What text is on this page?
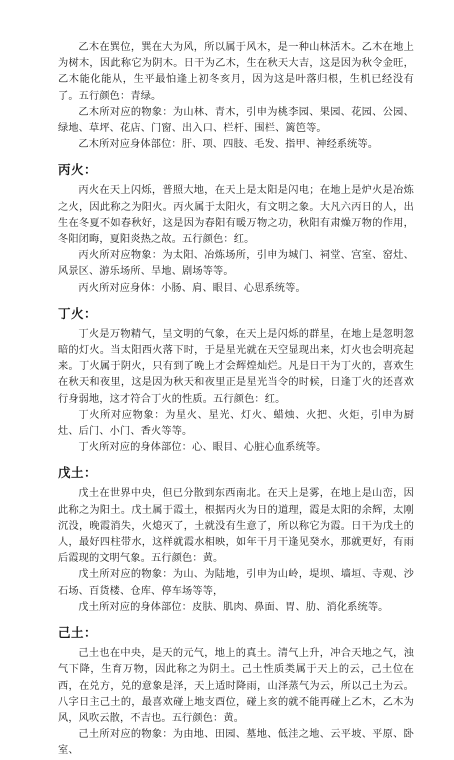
乙木在巽位，巽在大为风，所以属于风木，是一种山林活木。乙木在地上为树木，因此称它为阴木。日干为乙木，生在秋天大吉，这是因为秋令金旺，乙木能化能从，生平最怕逢上初冬亥月，因为这是叶落归根，生机已经没有了。五行颜色：青绿。

乙木所对应的物象：为山林、青木，引申为桃李园、果园、花园、公园、绿地、草坪、花店、门窗、出入口、栏杆、围栏、篱笆等。

乙木所对应身体部位：肝、项、四肢、毛发、指甲、神经系统等。

丙火：

丙火在天上闪烁，普照大地，在天上是太阳是闪电；在地上是炉火是冶炼之火，因此称之为阳火。丙火属于太阳火，有文明之象。大凡六丙日的人，出生在冬夏不如春秋好，这是因为春阳有暖万物之功，秋阳有肃燥万物的作用，冬阳闭晦，夏阳炎热之故。五行颜色：红。

丙火所对应物象：为太阳、冶炼场所，引申为城门、祠堂、宫室、窑灶、风景区、游乐场所、旱地、剧场等等。

丙火所对应身体：小肠、肩、眼目、心思系统等。

丁火：

丁火是万物精气，呈文明的气象，在天上是闪烁的群星，在地上是忽明忽暗的灯火。当太阳西火落下时，于是星光就在天空显现出来，灯火也会明亮起来。丁火属于阴火，只有到了晚上才会辉煌灿烂。凡是日干为丁火的，喜欢生在秋天和夜里，这是因为秋天和夜里正是星光当令的时候，日逢丁火的还喜欢行身弱地，这才符合丁火的性质。五行颜色：红。

丁火所对应物象：为星火、星光、灯火、蜡烛、火把、火炬，引申为厨灶、后门、小门、香火等等。

丁火所对应的身体部位：心、眼目、心脏心血系统等。

戊土：

戊土在世界中央，但已分散到东西南北。在天上是雾，在地上是山峦，因此称之为阳土。戊土属于霞土，根据丙火为日的道理，霞是太阳的余辉，太刚沉没，晚霞消失，火熄灭了，土就没有生意了，所以称它为霞。日干为戊土的人，最好四柱带水，这样就霞水相映，如年干月干逢见癸水，那就更好，有雨后霞现的文明气象。五行颜色：黄。

戊土所对应的物象：为山、为陆地，引申为山岭，堤坝、墙垣、寺观、沙石场、百货楼、仓库、停车场等等，

戊土所对应的身体部位：皮肤、肌肉、鼻面、胃、肋、消化系统等。

己土：

己土也在中央，是天的元气，地上的真土。清气上升，冲合天地之气，浊气下降，生育万物，因此称之为阴土。己土性质类属于天上的云，己土位在西，在兑方，兑的意象是泽，天上适时降雨，山泽蒸气为云，所以己土为云。八字日主己土的，最喜欢碰上地支酉位，碰上亥的就不能再碰上乙木，乙木为风，风吹云散，不吉也。五行颜色：黄。

己土所对应的物象：为由地、田园、墓地、低洼之地、云平坡、平原、卧室、
